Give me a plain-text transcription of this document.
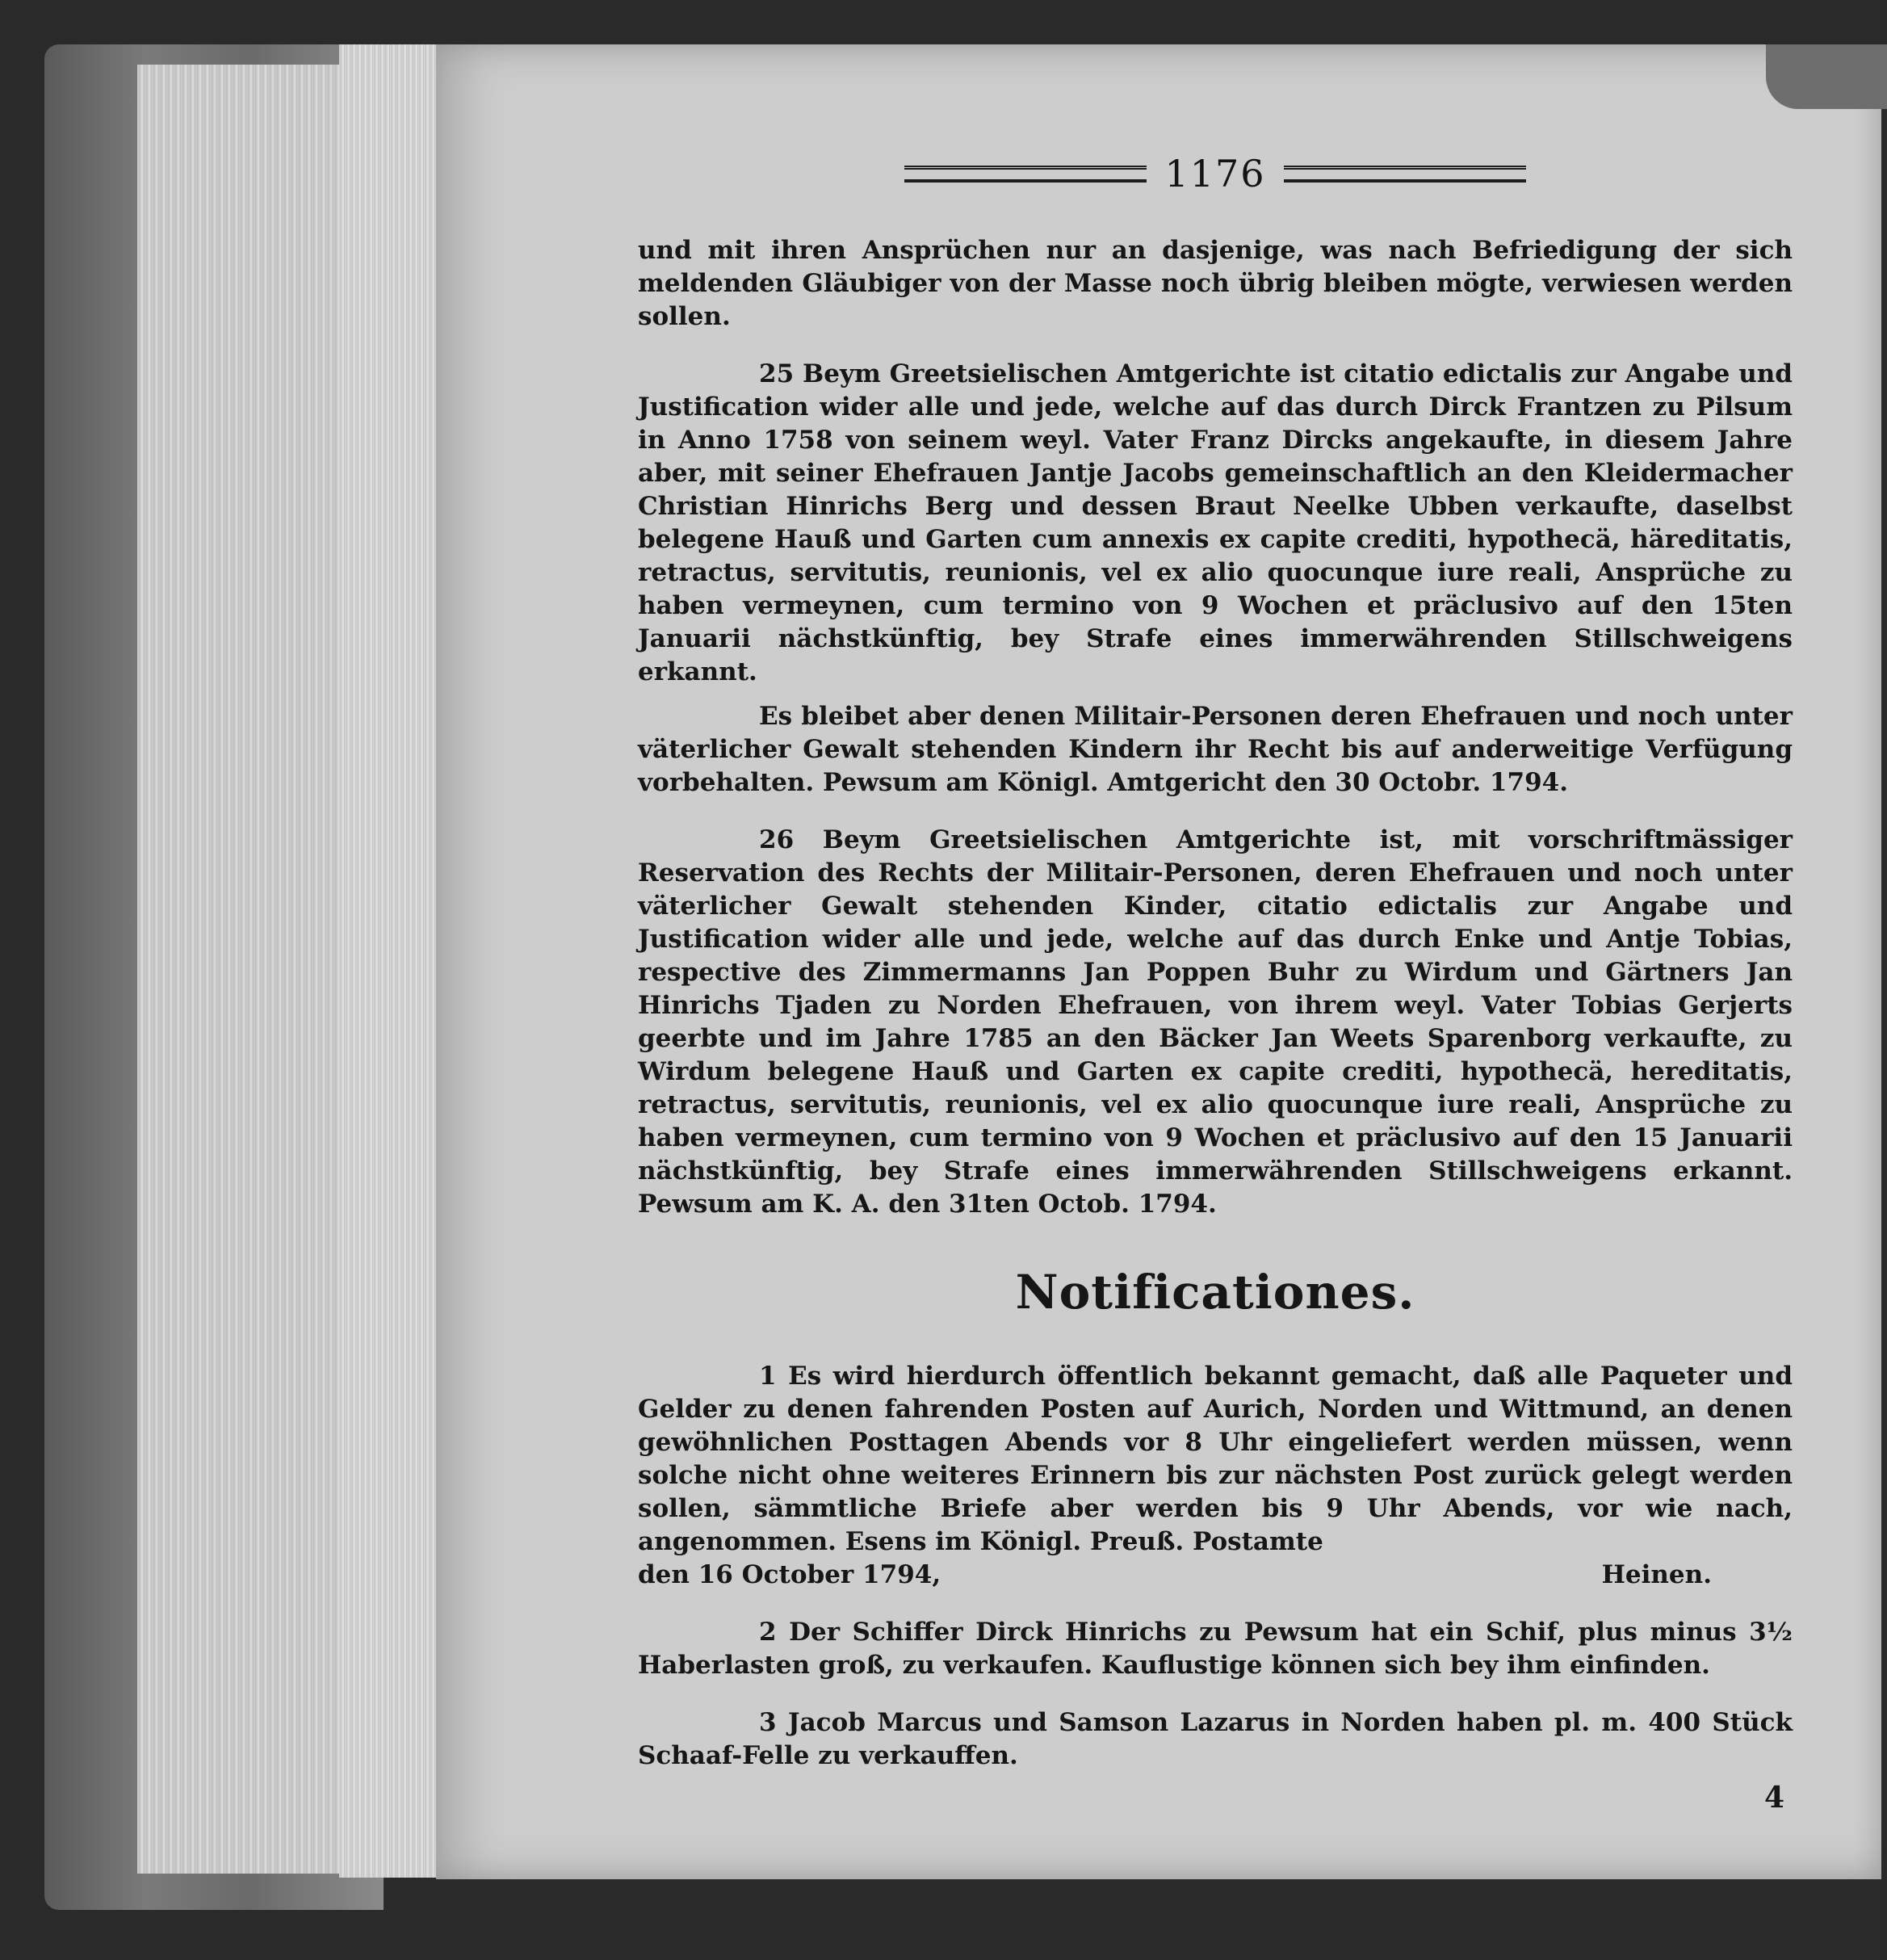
1176

und mit ihren Ansprüchen nur an dasjenige, was nach Befriedigung der sich meldenden Gläubiger von der Masse noch übrig bleiben mögte, verwiesen werden sollen.

25 Beym Greetsielischen Amtgerichte ist citatio edictalis zur Angabe und Justification wider alle und jede, welche auf das durch Dirck Frantzen zu Pilsum in Anno 1758 von seinem weyl. Vater Franz Dircks angekaufte, in diesem Jahre aber, mit seiner Ehefrauen Jantje Jacobs gemeinschaftlich an den Kleidermacher Christian Hinrichs Berg und dessen Braut Neelke Ubben verkaufte, daselbst belegene Hauß und Garten cum annexis ex capite crediti, hypothecä, häreditatis, retractus, servitutis, reunionis, vel ex alio quocunque iure reali, Ansprüche zu haben vermeynen, cum termino von 9 Wochen et präclusivo auf den 15ten Januarii nächstkünftig, bey Strafe eines immerwährenden Stillschweigens erkannt.

Es bleibet aber denen Militair-Personen deren Ehefrauen und noch unter väterlicher Gewalt stehenden Kindern ihr Recht bis auf anderweitige Verfügung vorbehalten. Pewsum am Königl. Amtgericht den 30 Octobr. 1794.

26 Beym Greetsielischen Amtgerichte ist, mit vorschriftmässiger Reservation des Rechts der Militair-Personen, deren Ehefrauen und noch unter väterlicher Gewalt stehenden Kinder, citatio edictalis zur Angabe und Justification wider alle und jede, welche auf das durch Enke und Antje Tobias, respective des Zimmermanns Jan Poppen Buhr zu Wirdum und Gärtners Jan Hinrichs Tjaden zu Norden Ehefrauen, von ihrem weyl. Vater Tobias Gerjerts geerbte und im Jahre 1785 an den Bäcker Jan Weets Sparenborg verkaufte, zu Wirdum belegene Hauß und Garten ex capite crediti, hypothecä, hereditatis, retractus, servitutis, reunionis, vel ex alio quocunque iure reali, Ansprüche zu haben vermeynen, cum termino von 9 Wochen et präclusivo auf den 15 Januarii nächstkünftig, bey Strafe eines immerwährenden Stillschweigens erkannt. Pewsum am K. A. den 31ten Octob. 1794.

Notificationes.

1 Es wird hierdurch öffentlich bekannt gemacht, daß alle Paqueter und Gelder zu denen fahrenden Posten auf Aurich, Norden und Wittmund, an denen gewöhnlichen Posttagen Abends vor 8 Uhr eingeliefert werden müssen, wenn solche nicht ohne weiteres Erinnern bis zur nächsten Post zurück gelegt werden sollen, sämmtliche Briefe aber werden bis 9 Uhr Abends, vor wie nach, angenommen. Esens im Königl. Preuß. Postamte

den 16 October 1794,	Heinen.

2 Der Schiffer Dirck Hinrichs zu Pewsum hat ein Schif, plus minus 3½ Haberlasten groß, zu verkaufen. Kauflustige können sich bey ihm einfinden.

3 Jacob Marcus und Samson Lazarus in Norden haben pl. m. 400 Stück Schaaf-Felle zu verkauffen.

4
